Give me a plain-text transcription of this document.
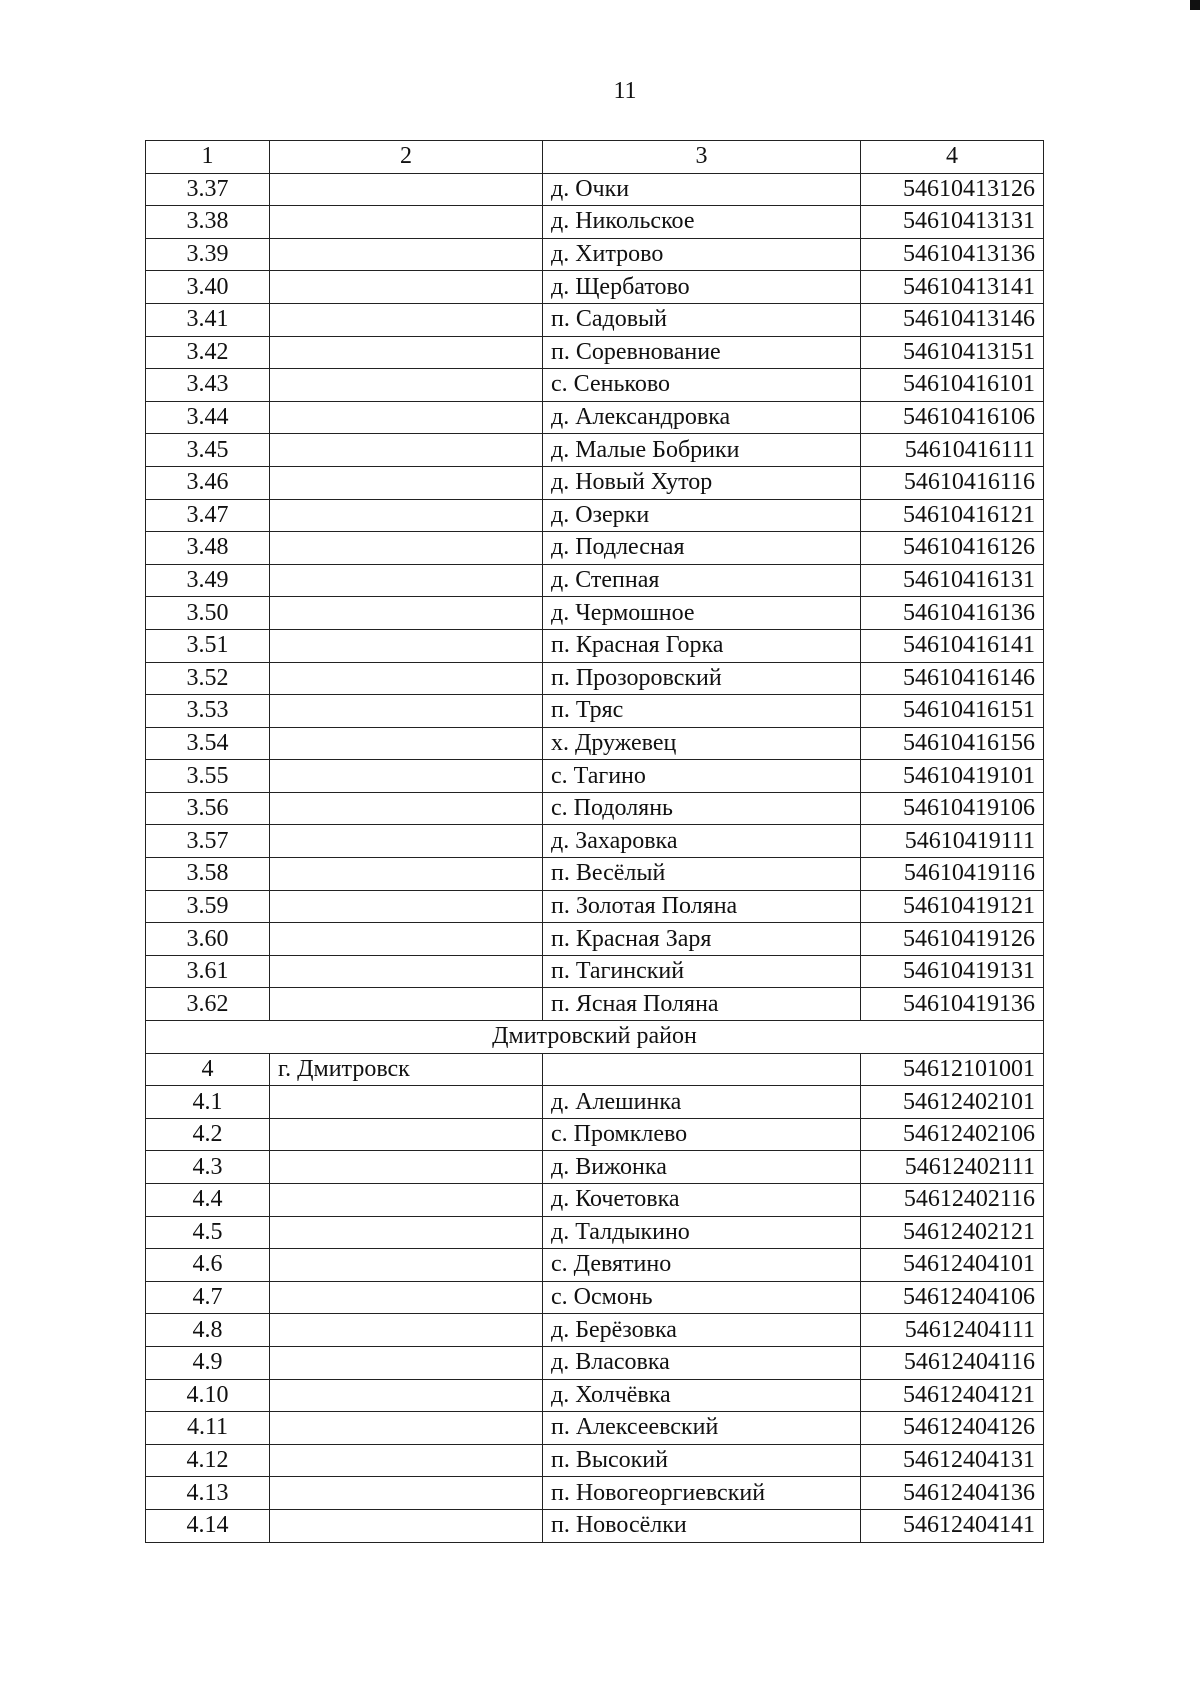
11
1	2	3	4
3.37		д. Очки	54610413126
3.38		д. Никольское	54610413131
3.39		д. Хитрово	54610413136
3.40		д. Щербатово	54610413141
3.41		п. Садовый	54610413146
3.42		п. Соревнование	54610413151
3.43		с. Сеньково	54610416101
3.44		д. Александровка	54610416106
3.45		д. Малые Бобрики	54610416111
3.46		д. Новый Хутор	54610416116
3.47		д. Озерки	54610416121
3.48		д. Подлесная	54610416126
3.49		д. Степная	54610416131
3.50		д. Чермошное	54610416136
3.51		п. Красная Горка	54610416141
3.52		п. Прозоровский	54610416146
3.53		п. Тряс	54610416151
3.54		х. Дружевец	54610416156
3.55		с. Тагино	54610419101
3.56		с. Подолянь	54610419106
3.57		д. Захаровка	54610419111
3.58		п. Весёлый	54610419116
3.59		п. Золотая Поляна	54610419121
3.60		п. Красная Заря	54610419126
3.61		п. Тагинский	54610419131
3.62		п. Ясная Поляна	54610419136
Дмитровский район			
4	г. Дмитровск		54612101001
4.1		д. Алешинка	54612402101
4.2		с. Промклево	54612402106
4.3		д. Вижонка	54612402111
4.4		д. Кочетовка	54612402116
4.5		д. Талдыкино	54612402121
4.6		с. Девятино	54612404101
4.7		с. Осмонь	54612404106
4.8		д. Берёзовка	54612404111
4.9		д. Власовка	54612404116
4.10		д. Холчёвка	54612404121
4.11		п. Алексеевский	54612404126
4.12		п. Высокий	54612404131
4.13		п. Новогеоргиевский	54612404136
4.14		п. Новосёлки	54612404141
